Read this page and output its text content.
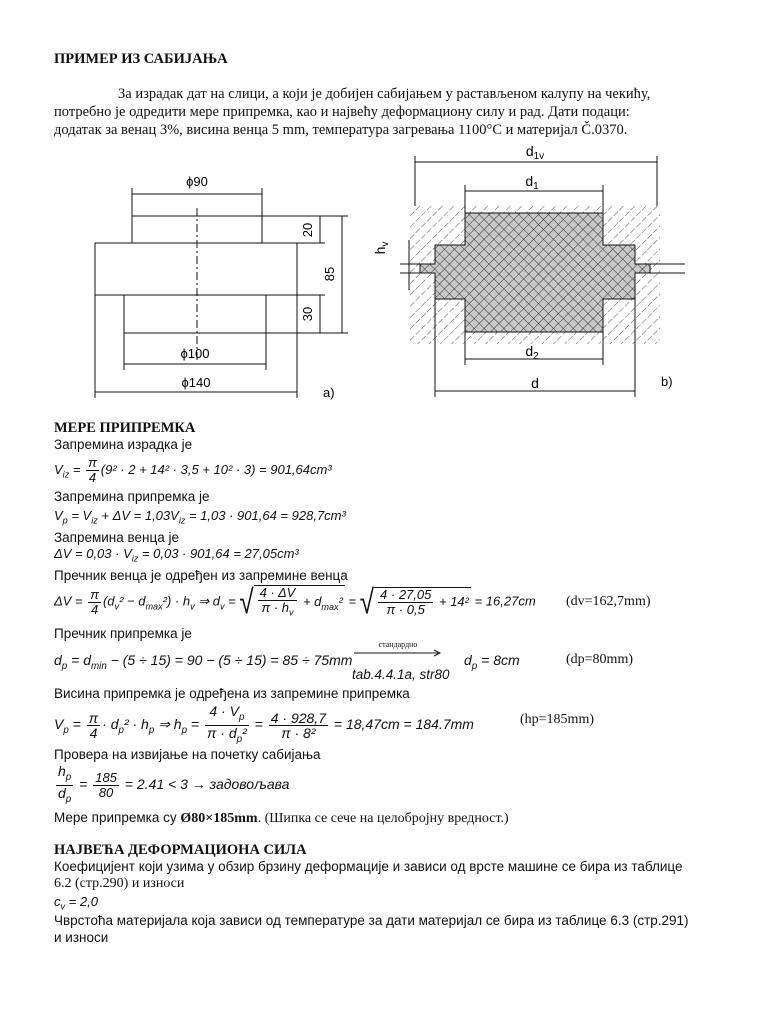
ПРИМЕР ИЗ САБИЈАЊА
За израдак дат на слици, а који је добијен сабијањем у растављеном калупу на чекићу,
потребно је одредити мере припремка, као и највећу деформациону силу и рад. Дати подаци:
додатак за венац 3%, висина венца 5 mm, температура загревања 1100°C и материјал Č.0370.
ϕ90
ϕ100
ϕ140
20
30
85
a)
$d_{1v}$
$d_1$
$d_2$
d
$h_v$
b)
МЕРЕ ПРИПРЕМКА
Запремина израдка је
$V_{iz} = \frac{\pi}{4} (9^2 \cdot 2 + 14^2 \cdot 3,5 + 10^2 \cdot 3) = 901,64cm^3$
Запремина припремка је
$V_p = V_{iz} + \Delta V = 1,03V_{iz} = 1,03 \cdot 901,64 = 928,7cm^3$
Запремина венца је
$\Delta V = 0,03 \cdot V_{iz} = 0,03 \cdot 901,64 = 27,05cm^3$
Пречник венца је одређен из запремине венца
$\Delta V = \frac{\pi}{4} (d_v^2 - d_{max}^2) \cdot h_v$ ⇒ $d_v$ = √ $\frac{4 \cdot \Delta V}{\pi \cdot h_v} + d_{max}^2$ = √ $\frac{4 \cdot 27,05}{\pi \cdot 0,5} + 14^2 = 16,27cm$ (dv=162,7mm)
Пречник припремка је
$d_p = d_{min} - (5 \div 15) = 90 - (5 \div 15) = 85 \div 75mm$
стандардно
tab.4.4.1a, str80
$d_p = 8cm$	(dp=80mm)
Висина припремка је одређена из запремине припремка
$V_p = \frac{\pi}{4} \cdot d_p^2 \cdot h_p$ ⇒ $h_p = \frac{4 \cdot V_p}{\pi \cdot d_p^2} = \frac{4 \cdot 928,7}{\text{π · 8²}} = 18,47cm = 184.7mm$	(hp=185mm)
Провера на извијање на почетку сабијања
$\frac{h_p}{d_p} = \frac{185}{80} = 2.41 < 3$ → задовољава
Мере припремка су Ø80×185mm. (Шипка се сече на целобројну вредност.)
НАЈВЕЋА ДЕФОРМАЦИОНА СИЛА
Коефицијент који узима у обзир брзину деформације и зависи од врсте машине се бира из таблице
6.2 (стр.290) и износи
$c_v = 2,0$
Чврстоћа материјала која зависи од температуре за дати материјал се бира из таблице 6.3 (стр.291)
и износи
